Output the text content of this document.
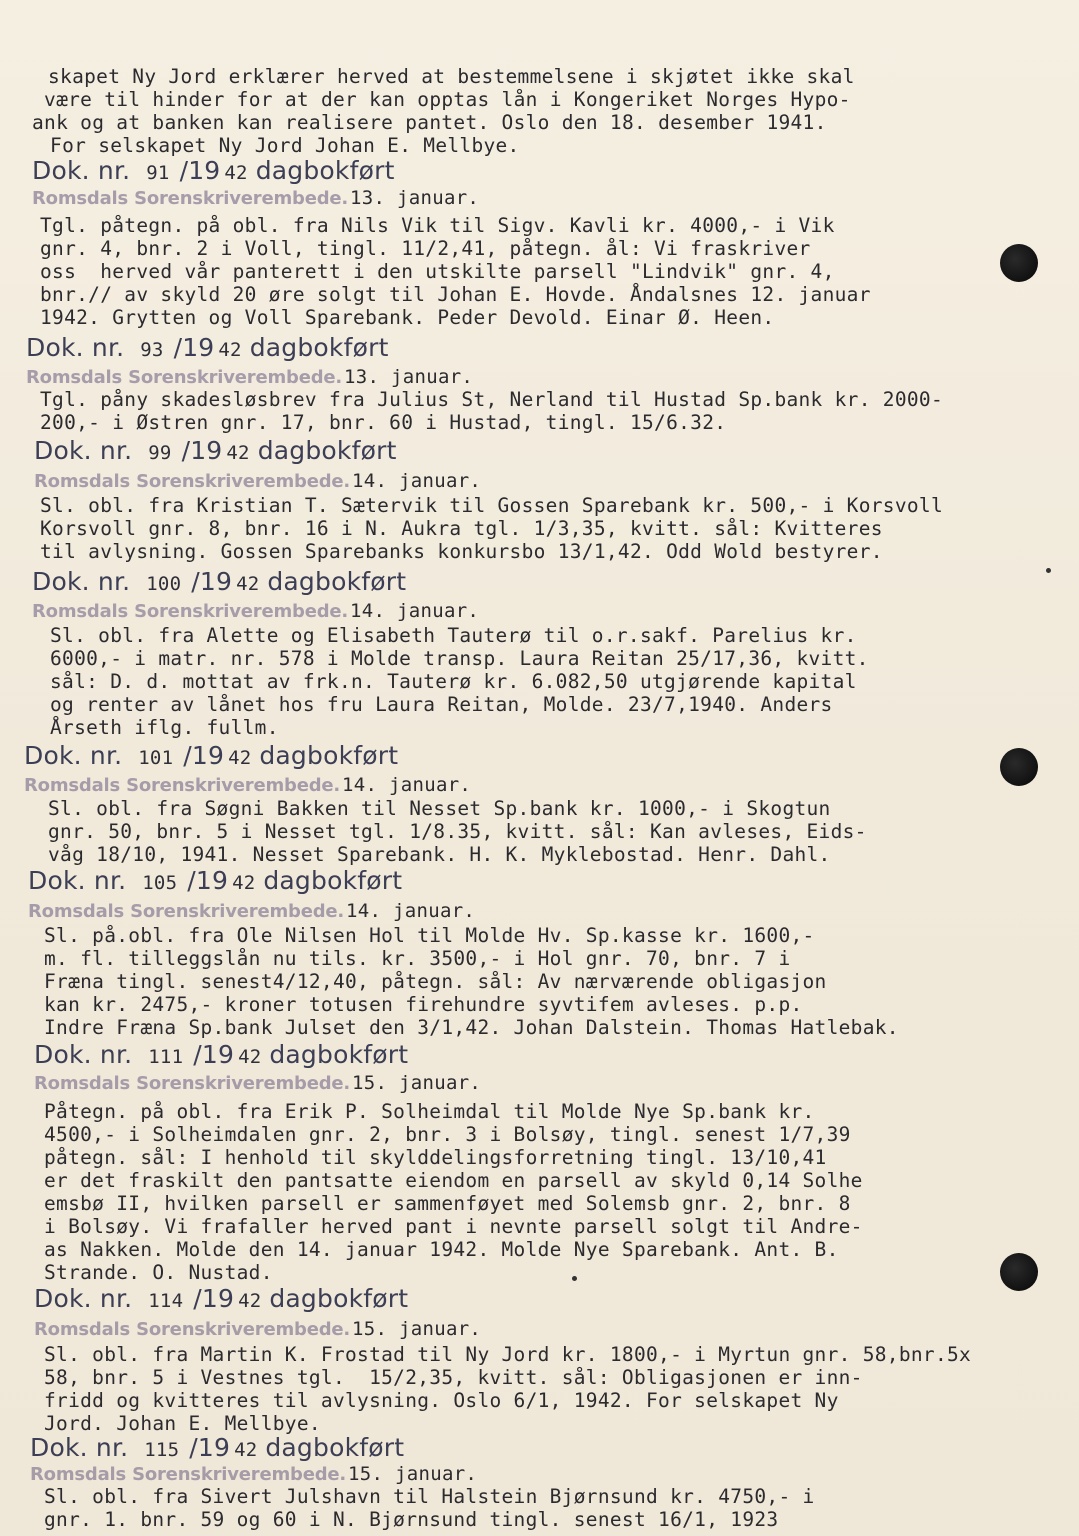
skapet Ny Jord erklærer herved at bestemmelsene i skjøtet ikke skal
være til hinder for at der kan opptas lån i Kongeriket Norges Hypo-
ank og at banken kan realisere pantet. Oslo den 18. desember 1941.
For selskapet Ny Jord Johan E. Mellbye.
Dok. nr. 91 /19 42 dagbokført
Romsdals Sorenskriverembede. 13. januar.
Tgl. påtegn. på obl. fra Nils Vik til Sigv. Kavli kr. 4000,- i Vik
gnr. 4, bnr. 2 i Voll, tingl. 11/2,41, påtegn. ål: Vi fraskriver
oss  herved vår panterett i den utskilte parsell "Lindvik" gnr. 4,
bnr.// av skyld 20 øre solgt til Johan E. Hovde. Åndalsnes 12. januar
1942. Grytten og Voll Sparebank. Peder Devold. Einar Ø. Heen.
Dok. nr. 93 /19 42 dagbokført
Romsdals Sorenskriverembede. 13. januar.
Tgl. påny skadesløsbrev fra Julius St, Nerland til Hustad Sp.bank kr. 2000-
200,- i Østren gnr. 17, bnr. 60 i Hustad, tingl. 15/6.32.
Dok. nr. 99 /19 42 dagbokført
Romsdals Sorenskriverembede. 14. januar.
Sl. obl. fra Kristian T. Sætervik til Gossen Sparebank kr. 500,- i Korsvoll
Korsvoll gnr. 8, bnr. 16 i N. Aukra tgl. 1/3,35, kvitt. sål: Kvitteres
til avlysning. Gossen Sparebanks konkursbo 13/1,42. Odd Wold bestyrer.
Dok. nr. 100 /19 42 dagbokført
Romsdals Sorenskriverembede. 14. januar.
Sl. obl. fra Alette og Elisabeth Tauterø til o.r.sakf. Parelius kr.
6000,- i matr. nr. 578 i Molde transp. Laura Reitan 25/17,36, kvitt.
sål: D. d. mottat av frk.n. Tauterø kr. 6.082,50 utgjørende kapital
og renter av lånet hos fru Laura Reitan, Molde. 23/7,1940. Anders
Årseth iflg. fullm.
Dok. nr. 101 /19 42 dagbokført
Romsdals Sorenskriverembede. 14. januar.
Sl. obl. fra Søgni Bakken til Nesset Sp.bank kr. 1000,- i Skogtun
gnr. 50, bnr. 5 i Nesset tgl. 1/8.35, kvitt. sål: Kan avleses, Eids-
våg 18/10, 1941. Nesset Sparebank. H. K. Myklebostad. Henr. Dahl.
Dok. nr. 105 /19 42 dagbokført
Romsdals Sorenskriverembede. 14. januar.
Sl. på.obl. fra Ole Nilsen Hol til Molde Hv. Sp.kasse kr. 1600,-
m. fl. tilleggslån nu tils. kr. 3500,- i Hol gnr. 70, bnr. 7 i
Fræna tingl. senest4/12,40, påtegn. sål: Av nærværende obligasjon
kan kr. 2475,- kroner totusen firehundre syvtifem avleses. p.p.
Indre Fræna Sp.bank Julset den 3/1,42. Johan Dalstein. Thomas Hatlebak.
Dok. nr. 111 /19 42 dagbokført
Romsdals Sorenskriverembede. 15. januar.
Påtegn. på obl. fra Erik P. Solheimdal til Molde Nye Sp.bank kr.
4500,- i Solheimdalen gnr. 2, bnr. 3 i Bolsøy, tingl. senest 1/7,39
påtegn. sål: I henhold til skylddelingsforretning tingl. 13/10,41
er det fraskilt den pantsatte eiendom en parsell av skyld 0,14 Solhe
emsbø II, hvilken parsell er sammenføyet med Solemsb gnr. 2, bnr. 8
i Bolsøy. Vi frafaller herved pant i nevnte parsell solgt til Andre-
as Nakken. Molde den 14. januar 1942. Molde Nye Sparebank. Ant. B.
Strande. O. Nustad.
Dok. nr. 114 /19 42 dagbokført
Romsdals Sorenskriverembede. 15. januar.
Sl. obl. fra Martin K. Frostad til Ny Jord kr. 1800,- i Myrtun gnr. 58,bnr.5x
58, bnr. 5 i Vestnes tgl.  15/2,35, kvitt. sål: Obligasjonen er inn-
fridd og kvitteres til avlysning. Oslo 6/1, 1942. For selskapet Ny
Jord. Johan E. Mellbye.
Dok. nr. 115 /19 42 dagbokført
Romsdals Sorenskriverembede. 15. januar.
Sl. obl. fra Sivert Julshavn til Halstein Bjørnsund kr. 4750,- i
gnr. 1. bnr. 59 og 60 i N. Bjørnsund tingl. senest 16/1, 1923
